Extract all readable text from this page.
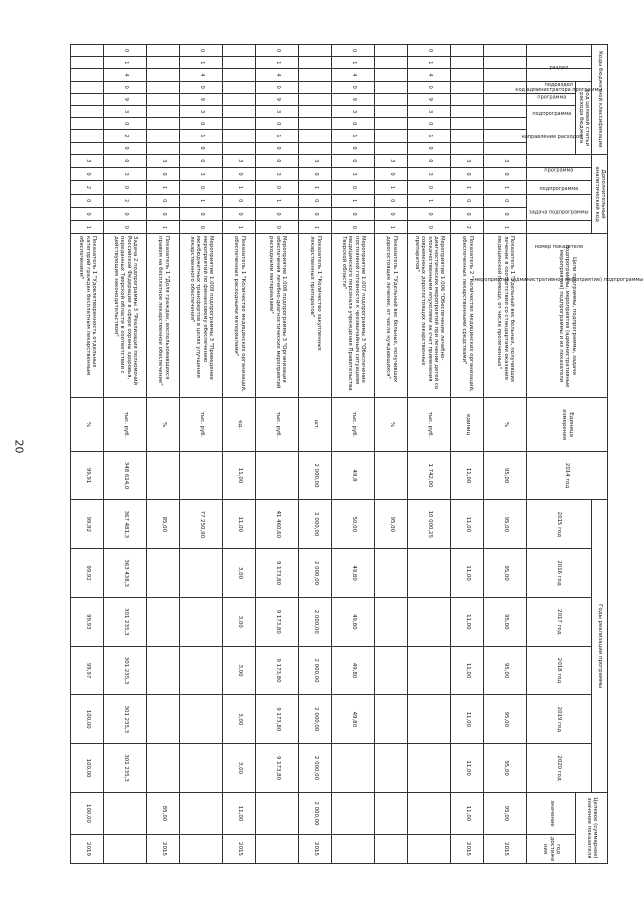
20
Коды бюджетной классификации									Дополнительный аналитический код						Цели программы, подпрограммы, задачи подпрограммы, мероприятия (административные мероприятия) подпрограммы и их показатели	Единица измерения	2014 год	Годы реализации программы						Целевое (суммарное) значение показателя	
код администратора программы	раздел	подраздел	код целевой статьи расхода бюджета						программа	подпрограмма	задача подпрограммы	мероприятие (административное мероприятие) подпрограммы		номер показателя				2015 год	2016 год	2017 год	2018 год	2019 год	2020 год		
			программа	подпрограмма	направление расходов																			значение	год достижения
									3	0	1	0	0	1	Показатель 1 "Удельный вес больных, получивших лечение в соответствии со стандартами оказания медицинской помощи, от числа пролеченных"	%	95,00	95,00	95,00	95,00	95,00	95,00	95,00	95,00	2015
									3	0	1	0	0	2	Показатель 2 "Количество медицинских организаций, обеспеченных лекарственными средствами"	единиц	11,00	11,00	11,00	11,00	11,00	11,00	11,00	11,00	2015
0	1	4	0	9	3	0	1	0	0	3	0	1	0	0	Мероприятие 1.006 "Обеспечение лечебно-диагностических мероприятий при лечении детей со злокачественными опухолями за счет применения современных дорогостоящих лекарственных препаратов"	тыс. руб.	1 742,00	10 000,25							
									3	0	1	0	0	1	Показатель 1 "Удельный вес больных, получивших дорогостоящее лечение, от числа нуждающихся"	%		95,00							
0	1	4	0	9	3	0	1	0	0	3	0	1	0	0	Мероприятие 1.007 подпрограммы 3 "Обеспечение постоянной готовности к чрезвычайным ситуациям медицинского персонала учреждения Правительства Тверской области"	тыс. руб.	49,8	50,00	49,80	49,80	49,80	49,80			
									3	0	1	0	0	1	Показатель 1 "Количество закупленных лекарственных препаратов"	шт.	2 000,00	2 000,00	2 000,00	2 000,00	2 000,00	2 000,00	2 000,00	2 000,00	2015
0	1	4	0	9	3	0	1	0	0	3	0	1	0	0	Мероприятие 1.008 подпрограммы 3 "Организация обеспечения лечебно-диагностических мероприятий расходными материалами"	тыс. руб.		41 460,60	9 173,80	9 173,80	9 173,80	9 173,80	9 173,80		
									3	0	1	0	0	1	Показатель 1 "Количество медицинских организаций, обеспеченных расходными материалами"	ед.	11,00	11,00	3,00	3,00	3,00	3,00	3,00	11,00	2015
0	1	4	0	9	3	0	1	0	0	3	0	1	0	0	Мероприятие 1.009 подпрограммы 3 "Проведение мероприятий по финансовому обеспечению межбюджетных трансфертов в целях улучшения лекарственного обеспечения"	тыс. руб.		77 250,90							
									3	0	1	0	0	1	Показатель 1 "Доля граждан, воспользовавшихся правом на бесплатное лекарственное обеспечение"	%		85,00						85,00	2015
0	1	4	0	9	3	0	2	0	0	3	0	2	0	0	Задача 2 подпрограммы 3 "Реализация полномочий Российской Федерации в сфере охраны здоровья, переданных Тверской области в соответствии с действующим законодательством"	тыс. руб.	348 614,0	367 481,3	363 438,3	301 235,3	301 235,3	301 235,3	301 235,3		
									3	0	2	0	0	1	Показатель 1 "Удовлетворенность отдельных категорий граждан бесплатным лекарственным обеспечением"	%	99,91	99,92	99,92	99,93	99,97	100,00	100,00	100,00	2019
